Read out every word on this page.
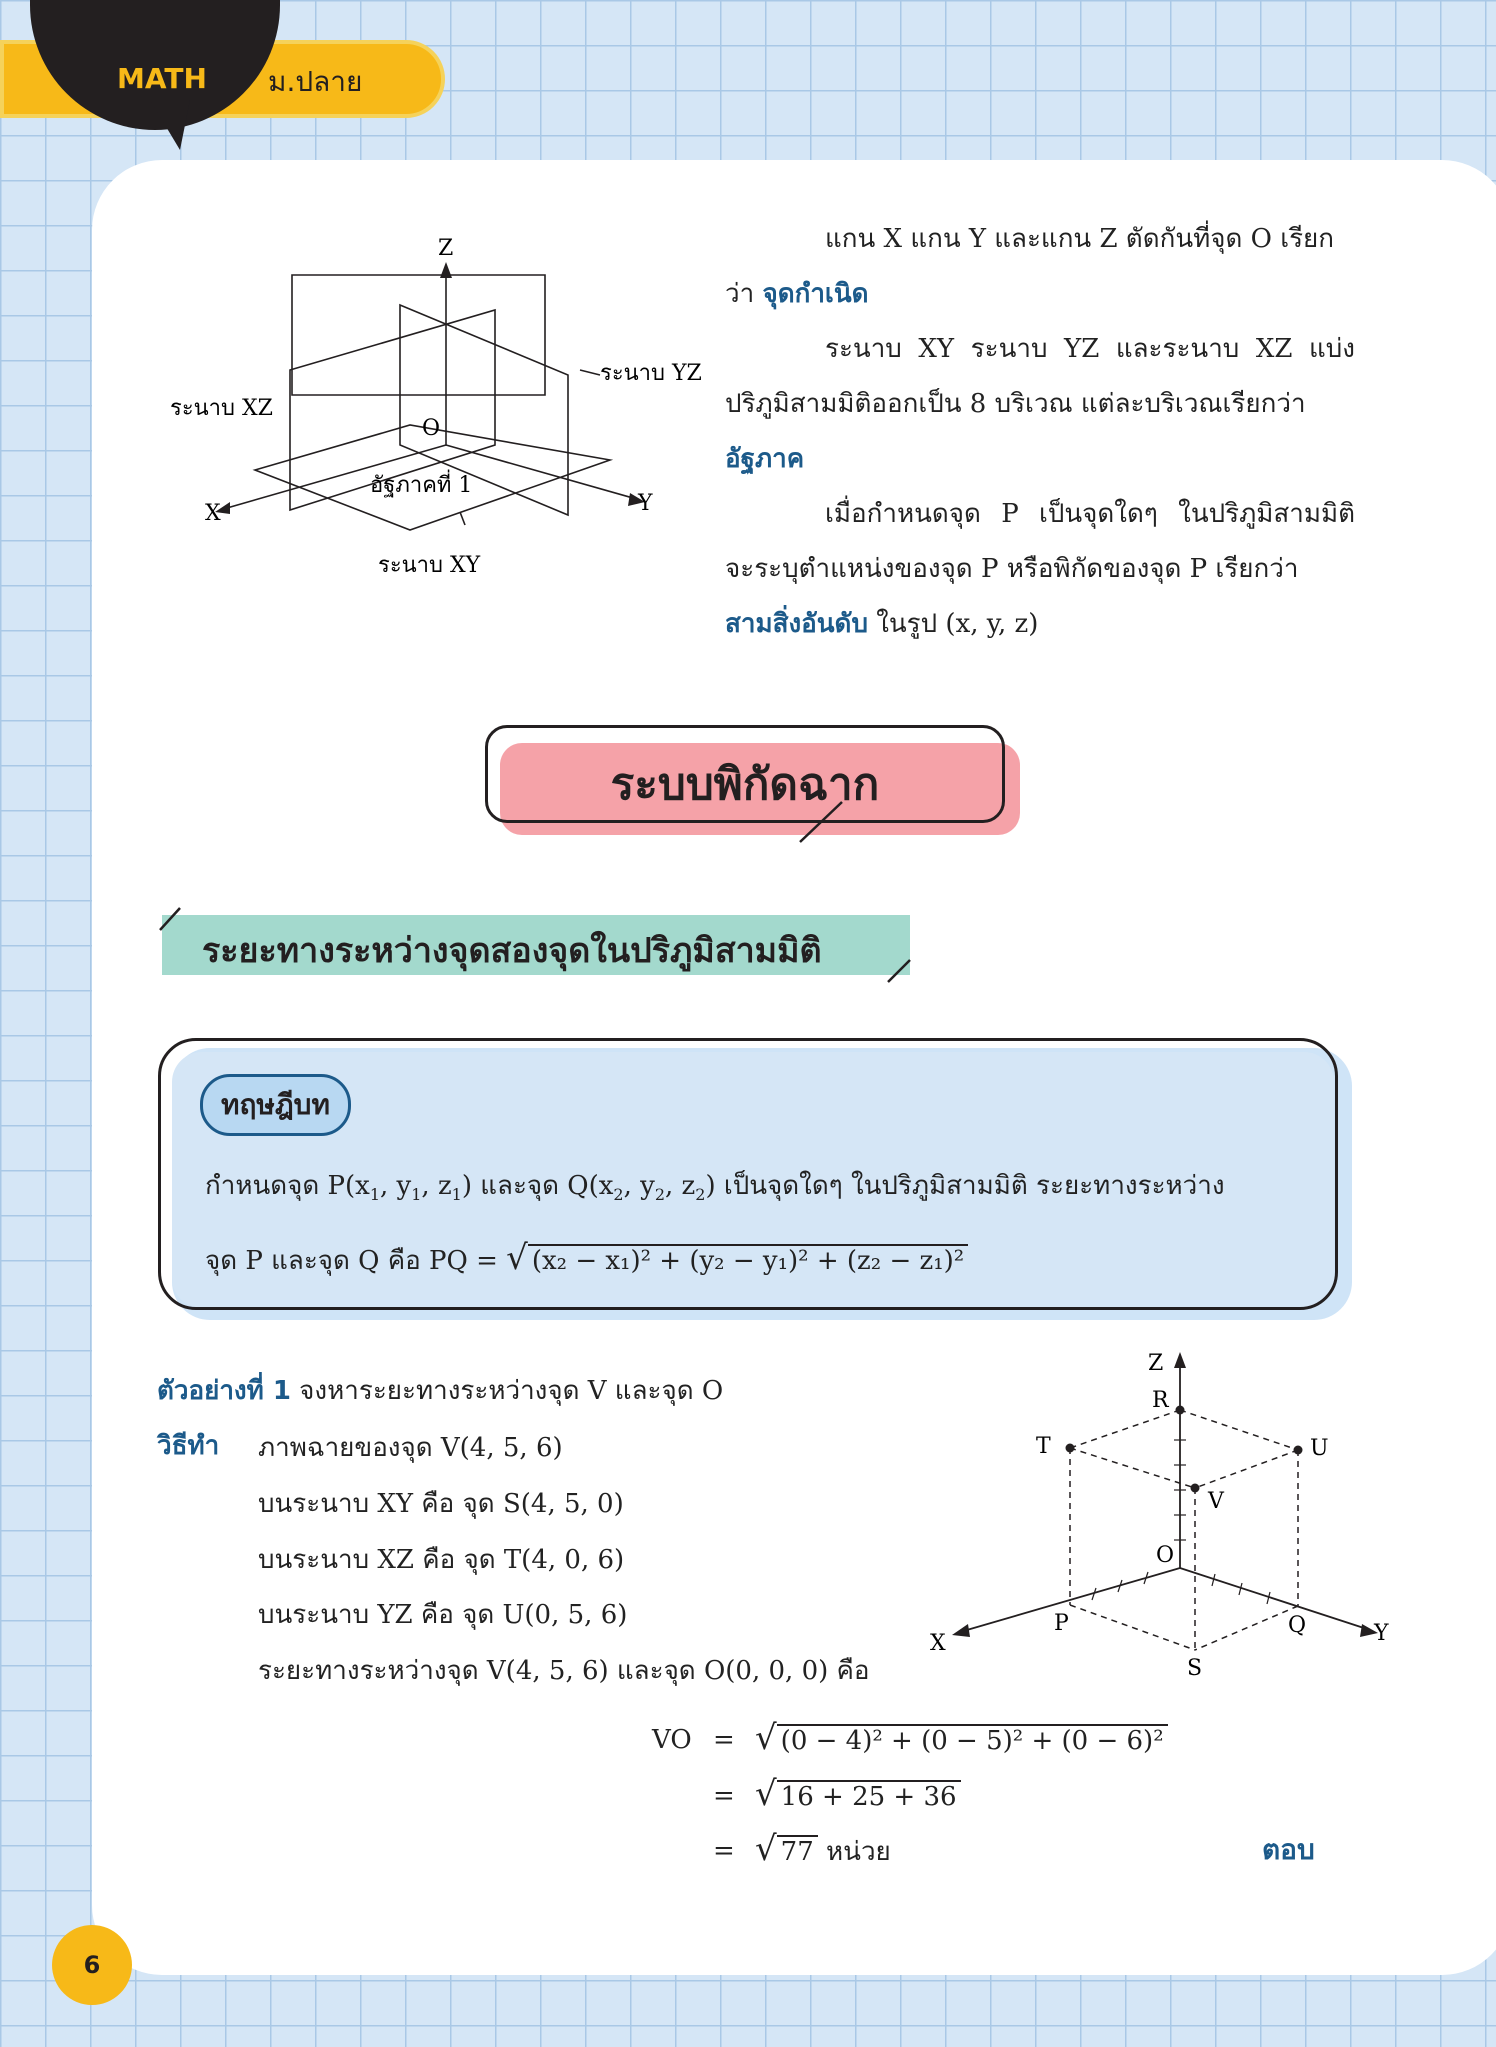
MATH ม.ปลาย
Z
X	Y
O
ระนาบ XZ
ระนาบ YZ
ระนาบ XY
อัฐภาคที่ 1

แกน X แกน Y และแกน Z ตัดกันที่จุด O เรียก

ว่า จุดกำเนิด

ระนาบ XY ระนาบ YZ และระนาบ XZ แบ่งปริภูมิสามมิติออกเป็น 8 บริเวณ แต่ละบริเวณเรียกว่า

อัฐภาค

เมื่อกำหนดจุด P เป็นจุดใดๆ ในปริภูมิสามมิติ จะระบุตำแหน่งของจุด P หรือพิกัดของจุด P เรียกว่า

สามสิ่งอันดับ ในรูป (x, y, z)

ระบบพิกัดฉาก
ระยะทางระหว่างจุดสองจุดในปริภูมิสามมิติ
ทฤษฎีบท
กำหนดจุด $P(x_1$, $y_1$, $z_1$) และจุด $Q(x_2$, $y_2$, $z_2$) เป็นจุดใดๆ ในปริภูมิสามมิติ ระยะทางระหว่าง
จุด P และจุด Q คือ PQ = √ (x₂ − x₁)² + (y₂ − y₁)² + (z₂ − z₁)²
ตัวอย่างที่ 1 จงหาระยะทางระหว่างจุด V และจุด O
วิธีทำ ภาพฉายของจุด V(4, 5, 6)
บนระนาบ XY คือ จุด S(4, 5, 0)
บนระนาบ XZ คือ จุด T(4, 0, 6)
บนระนาบ YZ คือ จุด U(0, 5, 6)
ระยะทางระหว่างจุด V(4, 5, 6) และจุด O(0, 0, 0) คือ
VO = √ (0 − 4)² + (0 − 5)² + (0 − 6)²
= √ 16 + 25 + 36
= √ 77 หน่วย	ตอบ
Z
X	Y
O
R
T	U
V
P	Q
S
6
